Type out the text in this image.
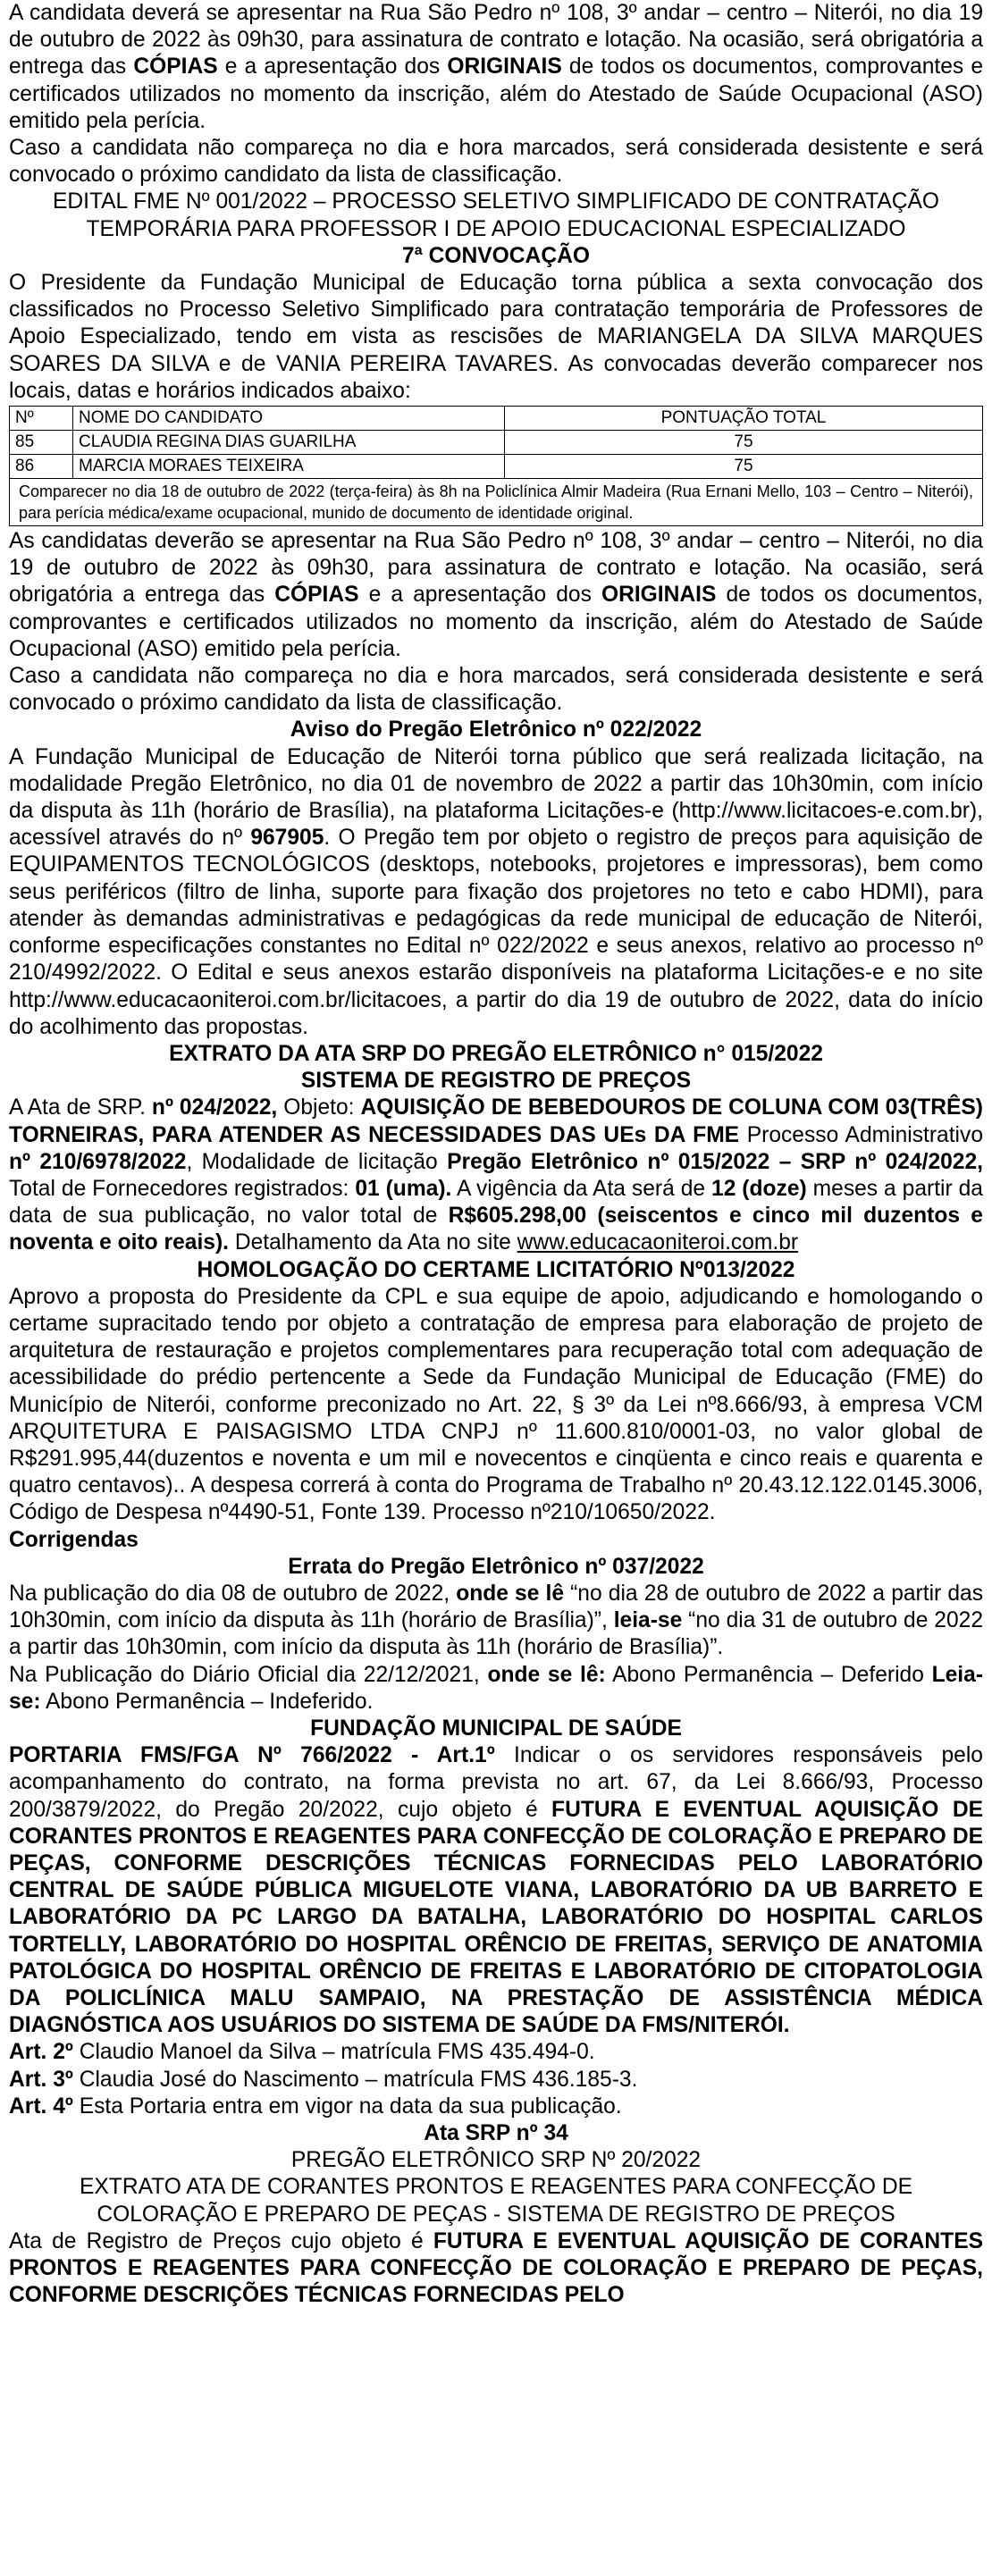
A candidata deverá se apresentar na Rua São Pedro nº 108, 3º andar – centro – Niterói, no dia 19 de outubro de 2022 às 09h30, para assinatura de contrato e lotação. Na ocasião, será obrigatória a entrega das CÓPIAS e a apresentação dos ORIGINAIS de todos os documentos, comprovantes e certificados utilizados no momento da inscrição, além do Atestado de Saúde Ocupacional (ASO) emitido pela perícia.

Caso a candidata não compareça no dia e hora marcados, será considerada desistente e será convocado o próximo candidato da lista de classificação.

EDITAL FME Nº 001/2022 – PROCESSO SELETIVO SIMPLIFICADO DE CONTRATAÇÃO TEMPORÁRIA PARA PROFESSOR I DE APOIO EDUCACIONAL ESPECIALIZADO

7ª CONVOCAÇÃO

O Presidente da Fundação Municipal de Educação torna pública a sexta convocação dos classificados no Processo Seletivo Simplificado para contratação temporária de Professores de Apoio Especializado, tendo em vista as rescisões de MARIANGELA DA SILVA MARQUES SOARES DA SILVA e de VANIA PEREIRA TAVARES. As convocadas deverão comparecer nos locais, datas e horários indicados abaixo:

Nº	NOME DO CANDIDATO	PONTUAÇÃO TOTAL
85	CLAUDIA REGINA DIAS GUARILHA	75
86	MARCIA MORAES TEIXEIRA	75
Comparecer no dia 18 de outubro de 2022 (terça-feira) às 8h na Policlínica Almir Madeira (Rua Ernani Mello, 103 – Centro – Niterói), para perícia médica/exame ocupacional, munido de documento de identidade original.		

As candidatas deverão se apresentar na Rua São Pedro nº 108, 3º andar – centro – Niterói, no dia 19 de outubro de 2022 às 09h30, para assinatura de contrato e lotação. Na ocasião, será obrigatória a entrega das CÓPIAS e a apresentação dos ORIGINAIS de todos os documentos, comprovantes e certificados utilizados no momento da inscrição, além do Atestado de Saúde Ocupacional (ASO) emitido pela perícia.

Caso a candidata não compareça no dia e hora marcados, será considerada desistente e será convocado o próximo candidato da lista de classificação.

Aviso do Pregão Eletrônico nº 022/2022

A Fundação Municipal de Educação de Niterói torna público que será realizada licitação, na modalidade Pregão Eletrônico, no dia 01 de novembro de 2022 a partir das 10h30min, com início da disputa às 11h (horário de Brasília), na plataforma Licitações-e (http://www.licitacoes-e.com.br), acessível através do nº 967905. O Pregão tem por objeto o registro de preços para aquisição de EQUIPAMENTOS TECNOLÓGICOS (desktops, notebooks, projetores e impressoras), bem como seus periféricos (filtro de linha, suporte para fixação dos projetores no teto e cabo HDMI), para atender às demandas administrativas e pedagógicas da rede municipal de educação de Niterói, conforme especificações constantes no Edital nº 022/2022 e seus anexos, relativo ao processo nº 210/4992/2022. O Edital e seus anexos estarão disponíveis na plataforma Licitações-e e no site http://www.educacaoniteroi.com.br/licitacoes, a partir do dia 19 de outubro de 2022, data do início do acolhimento das propostas.

EXTRATO DA ATA SRP DO PREGÃO ELETRÔNICO n° 015/2022

SISTEMA DE REGISTRO DE PREÇOS

A Ata de SRP. nº 024/2022, Objeto: AQUISIÇÃO DE BEBEDOUROS DE COLUNA COM 03(TRÊS) TORNEIRAS, PARA ATENDER AS NECESSIDADES DAS UEs DA FME Processo Administrativo nº 210/6978/2022, Modalidade de licitação Pregão Eletrônico nº 015/2022 – SRP nº 024/2022, Total de Fornecedores registrados: 01 (uma). A vigência da Ata será de 12 (doze) meses a partir da data de sua publicação, no valor total de R$605.298,00 (seiscentos e cinco mil duzentos e noventa e oito reais). Detalhamento da Ata no site www.educacaoniteroi.com.br

HOMOLOGAÇÃO DO CERTAME LICITATÓRIO Nº013/2022

Aprovo a proposta do Presidente da CPL e sua equipe de apoio, adjudicando e homologando o certame supracitado tendo por objeto a contratação de empresa para elaboração de projeto de arquitetura de restauração e projetos complementares para recuperação total com adequação de acessibilidade do prédio pertencente a Sede da Fundação Municipal de Educação (FME) do Município de Niterói, conforme preconizado no Art. 22, § 3º da Lei nº8.666/93, à empresa VCM ARQUITETURA E PAISAGISMO LTDA CNPJ nº 11.600.810/0001-03, no valor global de R$291.995,44(duzentos e noventa e um mil e novecentos e cinqüenta e cinco reais e quarenta e quatro centavos).. A despesa correrá à conta do Programa de Trabalho nº 20.43.12.122.0145.3006, Código de Despesa nº4490-51, Fonte 139. Processo nº210/10650/2022.

Corrigendas

Errata do Pregão Eletrônico nº 037/2022

Na publicação do dia 08 de outubro de 2022, onde se lê “no dia 28 de outubro de 2022 a partir das 10h30min, com início da disputa às 11h (horário de Brasília)”, leia-se “no dia 31 de outubro de 2022 a partir das 10h30min, com início da disputa às 11h (horário de Brasília)”.

Na Publicação do Diário Oficial dia 22/12/2021, onde se lê: Abono Permanência – Deferido Leia-se: Abono Permanência – Indeferido.

FUNDAÇÃO MUNICIPAL DE SAÚDE

PORTARIA FMS/FGA Nº 766/2022 - Art.1º Indicar o os servidores responsáveis pelo acompanhamento do contrato, na forma prevista no art. 67, da Lei 8.666/93, Processo 200/3879/2022, do Pregão 20/2022, cujo objeto é FUTURA E EVENTUAL AQUISIÇÃO DE CORANTES PRONTOS E REAGENTES PARA CONFECÇÃO DE COLORAÇÃO E PREPARO DE PEÇAS, CONFORME DESCRIÇÕES TÉCNICAS FORNECIDAS PELO LABORATÓRIO CENTRAL DE SAÚDE PÚBLICA MIGUELOTE VIANA, LABORATÓRIO DA UB BARRETO E LABORATÓRIO DA PC LARGO DA BATALHA, LABORATÓRIO DO HOSPITAL CARLOS TORTELLY, LABORATÓRIO DO HOSPITAL ORÊNCIO DE FREITAS, SERVIÇO DE ANATOMIA PATOLÓGICA DO HOSPITAL ORÊNCIO DE FREITAS E LABORATÓRIO DE CITOPATOLOGIA DA POLICLÍNICA MALU SAMPAIO, NA PRESTAÇÃO DE ASSISTÊNCIA MÉDICA DIAGNÓSTICA AOS USUÁRIOS DO SISTEMA DE SAÚDE DA FMS/NITERÓI.

Art. 2º Claudio Manoel da Silva – matrícula FMS 435.494-0.

Art. 3º Claudia José do Nascimento – matrícula FMS 436.185-3.

Art. 4º Esta Portaria entra em vigor na data da sua publicação.

Ata SRP nº 34

PREGÃO ELETRÔNICO SRP Nº 20/2022

EXTRATO ATA DE CORANTES PRONTOS E REAGENTES PARA CONFECÇÃO DE COLORAÇÃO E PREPARO DE PEÇAS - SISTEMA DE REGISTRO DE PREÇOS

Ata de Registro de Preços cujo objeto é FUTURA E EVENTUAL AQUISIÇÃO DE CORANTES PRONTOS E REAGENTES PARA CONFECÇÃO DE COLORAÇÃO E PREPARO DE PEÇAS, CONFORME DESCRIÇÕES TÉCNICAS FORNECIDAS PELO
